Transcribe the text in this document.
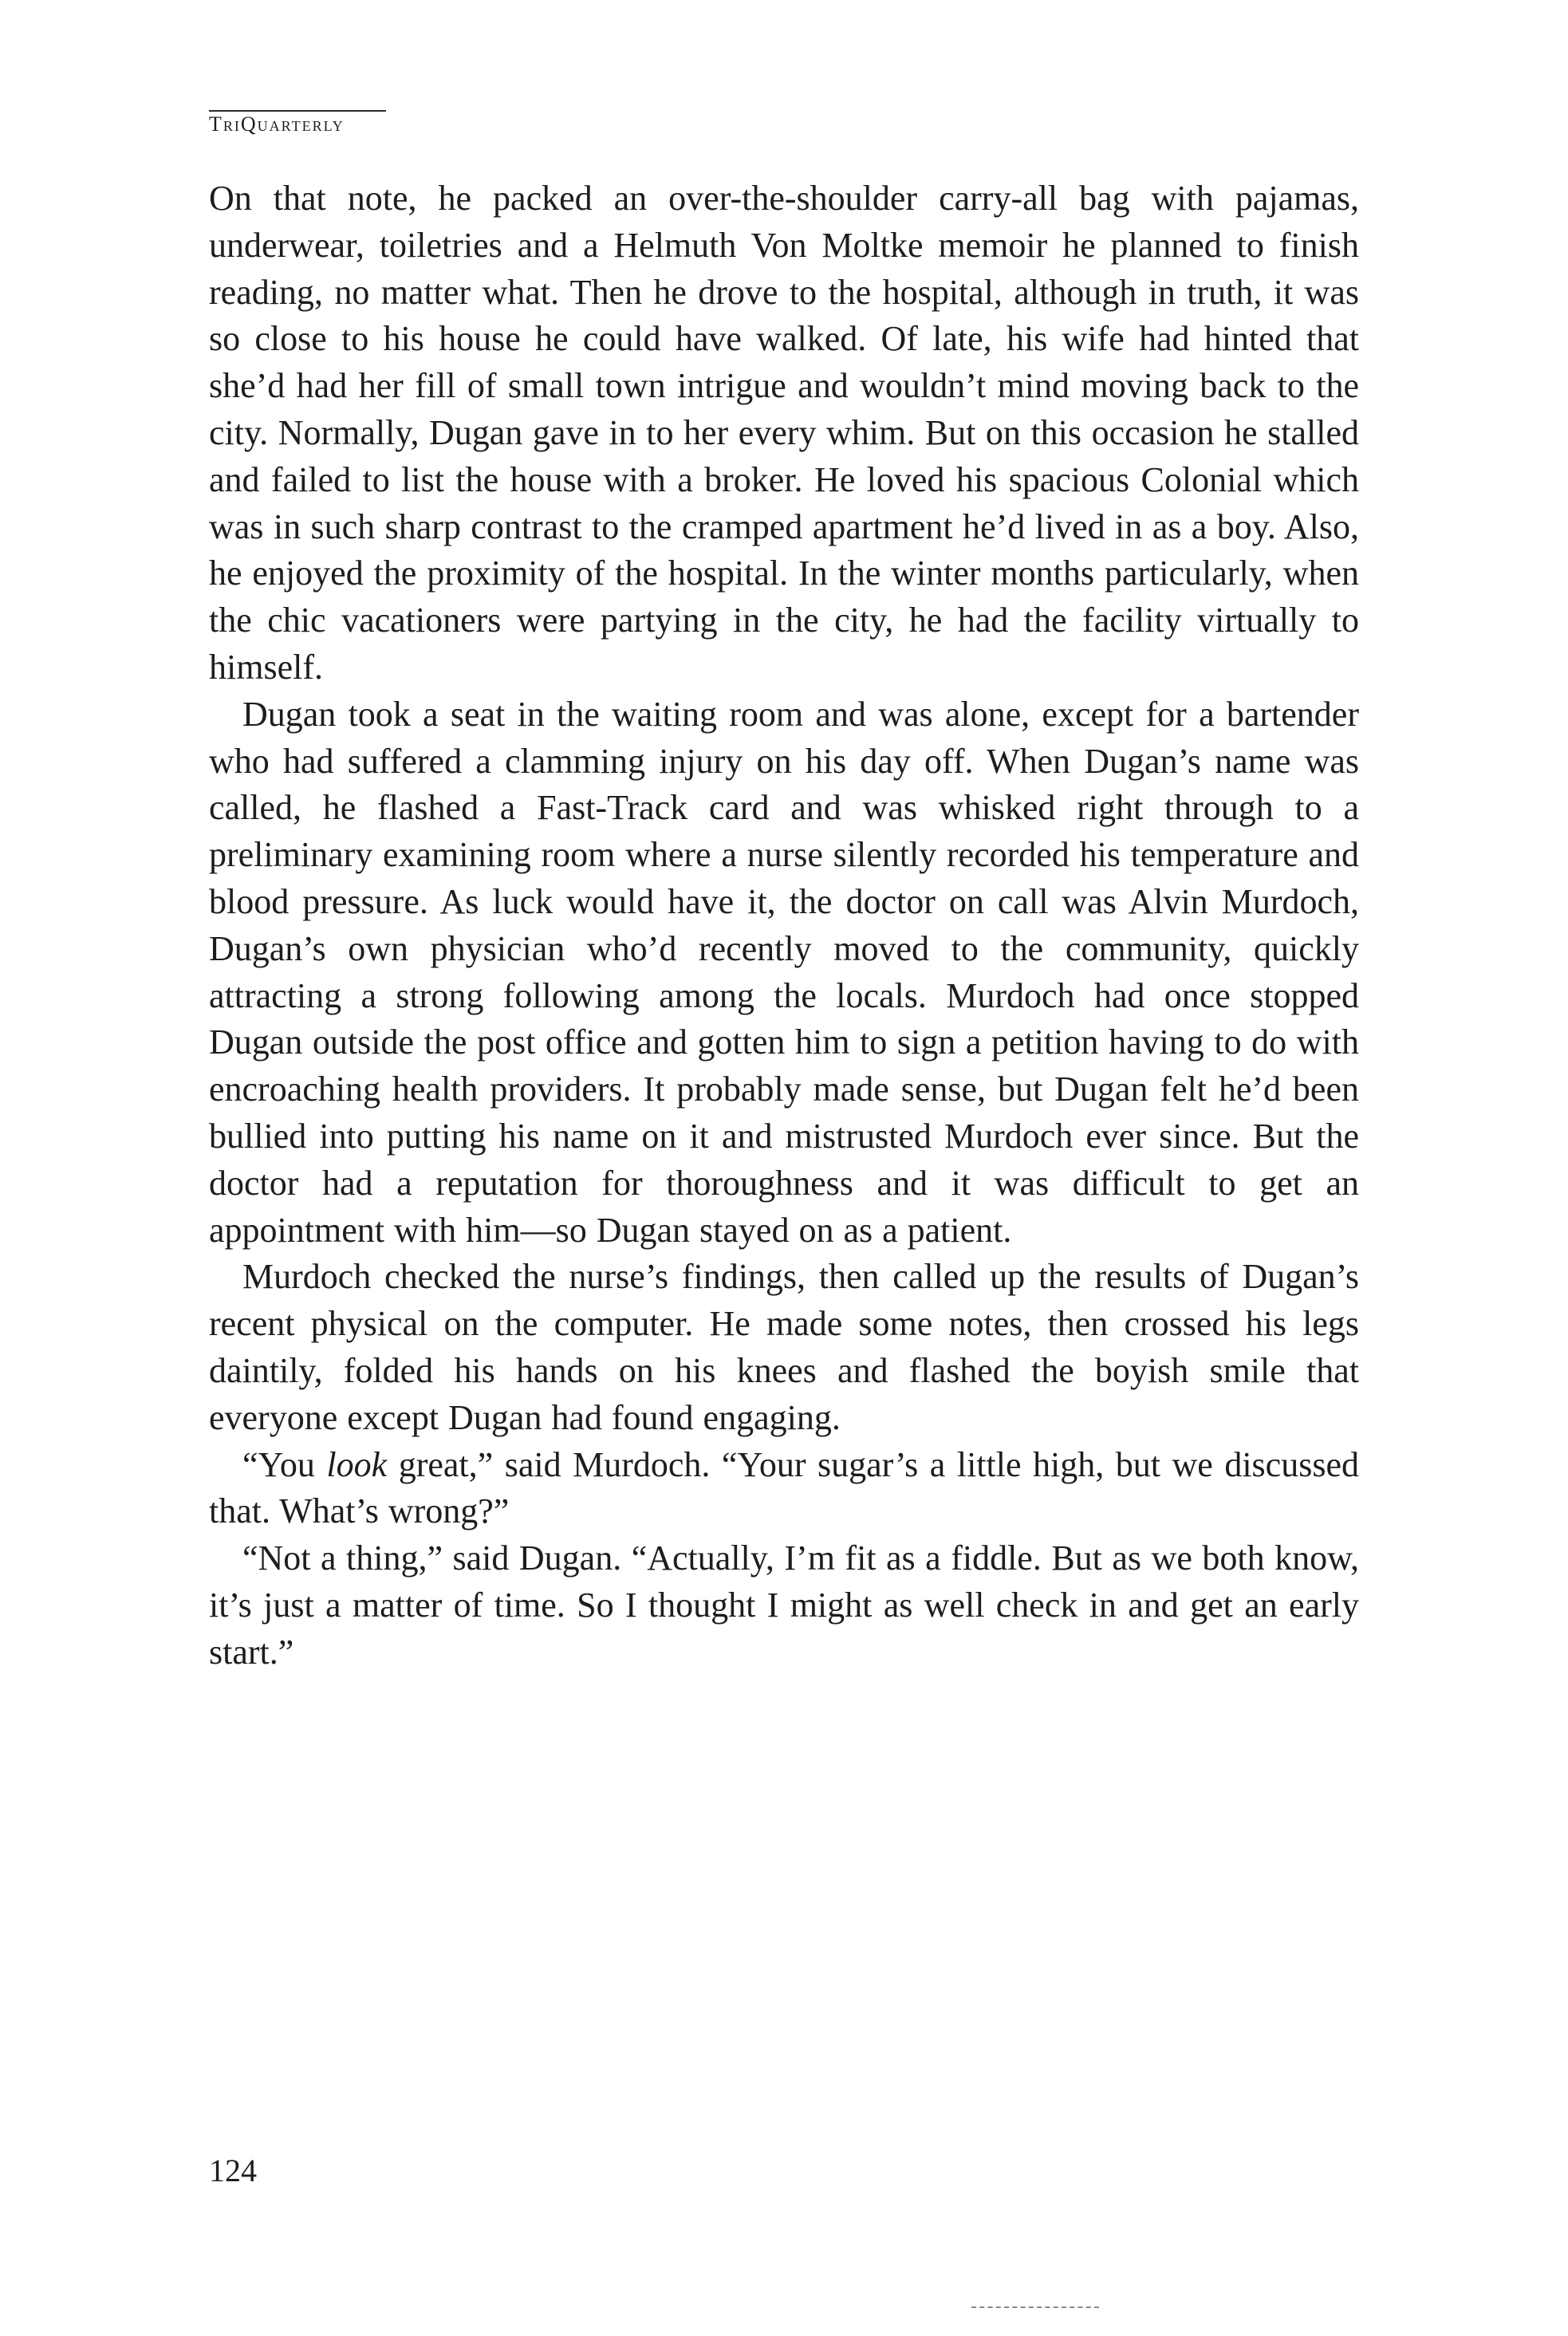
TriQuarterly

On that note, he packed an over-the-shoulder carry-all bag with pajamas, underwear, toiletries and a Helmuth Von Moltke memoir he planned to finish reading, no matter what. Then he drove to the hospital, although in truth, it was so close to his house he could have walked. Of late, his wife had hinted that she’d had her fill of small town intrigue and wouldn’t mind moving back to the city. Normally, Dugan gave in to her every whim. But on this occasion he stalled and failed to list the house with a broker. He loved his spacious Colonial which was in such sharp contrast to the cramped apartment he’d lived in as a boy. Also, he enjoyed the proximity of the hospital. In the winter months particularly, when the chic vacationers were partying in the city, he had the facility virtually to himself.

Dugan took a seat in the waiting room and was alone, except for a bartender who had suffered a clamming injury on his day off. When Dugan’s name was called, he flashed a Fast-Track card and was whisked right through to a preliminary examining room where a nurse silently recorded his temperature and blood pressure. As luck would have it, the doctor on call was Alvin Murdoch, Dugan’s own physician who’d recently moved to the community, quickly attracting a strong following among the locals. Murdoch had once stopped Dugan outside the post office and gotten him to sign a petition having to do with encroaching health providers. It probably made sense, but Dugan felt he’d been bullied into putting his name on it and mistrusted Murdoch ever since. But the doctor had a reputation for thoroughness and it was difficult to get an appointment with him—so Dugan stayed on as a patient.

Murdoch checked the nurse’s findings, then called up the results of Dugan’s recent physical on the computer. He made some notes, then crossed his legs daintily, folded his hands on his knees and flashed the boyish smile that everyone except Dugan had found engaging.

“You look great,” said Murdoch. “Your sugar’s a little high, but we discussed that. What’s wrong?”

“Not a thing,” said Dugan. “Actually, I’m fit as a fiddle. But as we both know, it’s just a matter of time. So I thought I might as well check in and get an early start.”

124
